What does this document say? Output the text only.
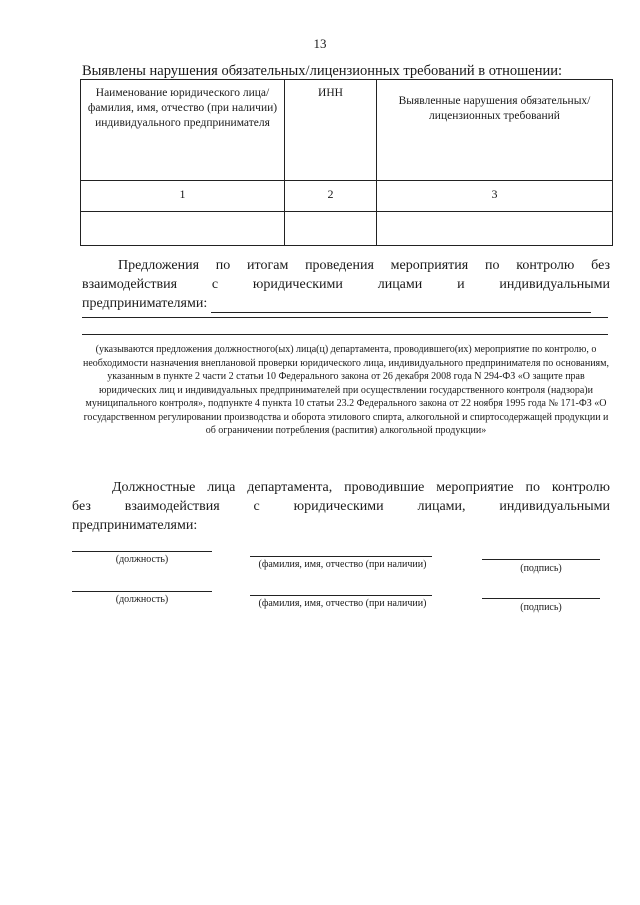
13
Выявлены нарушения обязательных/лицензионных требований в отношении:
Наименование юридического лица/ фамилия, имя, отчество (при наличии) индивидуального предпринимателя	ИНН	Выявленные нарушения обязательных/лицензионных требований
1	2	3

Предложения по итогам проведения мероприятия по контролю без
взаимодействия с юридическими лицами и индивидуальными
предпринимателями:
(указываются предложения должностного(ых) лица(ц) департамента, проводившего(их) мероприятие по контролю, о необходимости назначения внеплановой проверки юридического лица, индивидуального предпринимателя по основаниям, указанным в пункте 2 части 2 статьи 10 Федерального закона от 26 декабря 2008 года N 294-ФЗ «О защите прав юридических лиц и индивидуальных предпринимателей при осуществлении государственного контроля (надзора)и муниципального контроля», подпункте 4 пункта 10 статьи 23.2 Федерального закона от 22 ноября 1995 года № 171-ФЗ «О государственном регулировании производства и оборота этилового спирта, алкогольной и спиртосодержащей продукции и об ограничении потребления (распития) алкогольной продукции»
Должностные лица департамента, проводившие мероприятие по контролю
без взаимодействия с юридическими лицами, индивидуальными
предпринимателями:
(должность)	(фамилия, имя, отчество (при наличии)	(подпись)
(должность)	(фамилия, имя, отчество (при наличии)	(подпись)
